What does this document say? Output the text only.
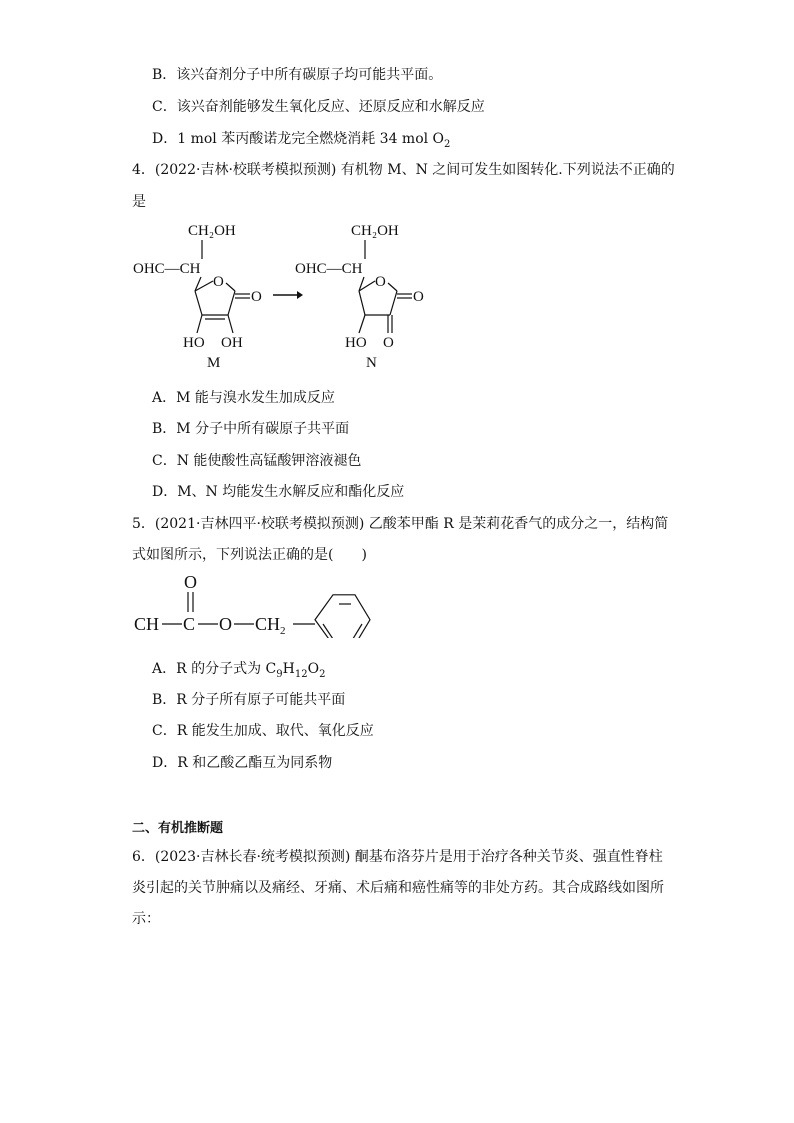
B．该兴奋剂分子中所有碳原子均可能共平面。
C．该兴奋剂能够发生氧化反应、还原反应和水解反应
D．1 mol 苯丙酸诺龙完全燃烧消耗 34 mol $O_2$
4．(2022·吉林·校联考模拟预测) 有机物 M、N 之间可发生如图转化.下列说法不正确的
是
CH₂OH
OHC—CH
O
O
HO OH
M
CH₂OH
OHC—CH
O
O
HO O
N
A．M 能与溴水发生加成反应
B．M 分子中所有碳原子共平面
C．N 能使酸性高锰酸钾溶液褪色
D．M、N 均能发生水解反应和酯化反应
5．(2021·吉林四平·校联考模拟预测) 乙酸苯甲酯 R 是茉莉花香气的成分之一，结构简
式如图所示，下列说法正确的是(　　)
O
CH C O $CH_2$
A．R 的分子式为 $C_9H_{12}O_2$
B．R 分子所有原子可能共平面
C．R 能发生加成、取代、氧化反应
D．R 和乙酸乙酯互为同系物
二、有机推断题
6．(2023·吉林长春·统考模拟预测) 酮基布洛芬片是用于治疗各种关节炎、强直性脊柱
炎引起的关节肿痛以及痛经、牙痛、术后痛和癌性痛等的非处方药。其合成路线如图所
示：
